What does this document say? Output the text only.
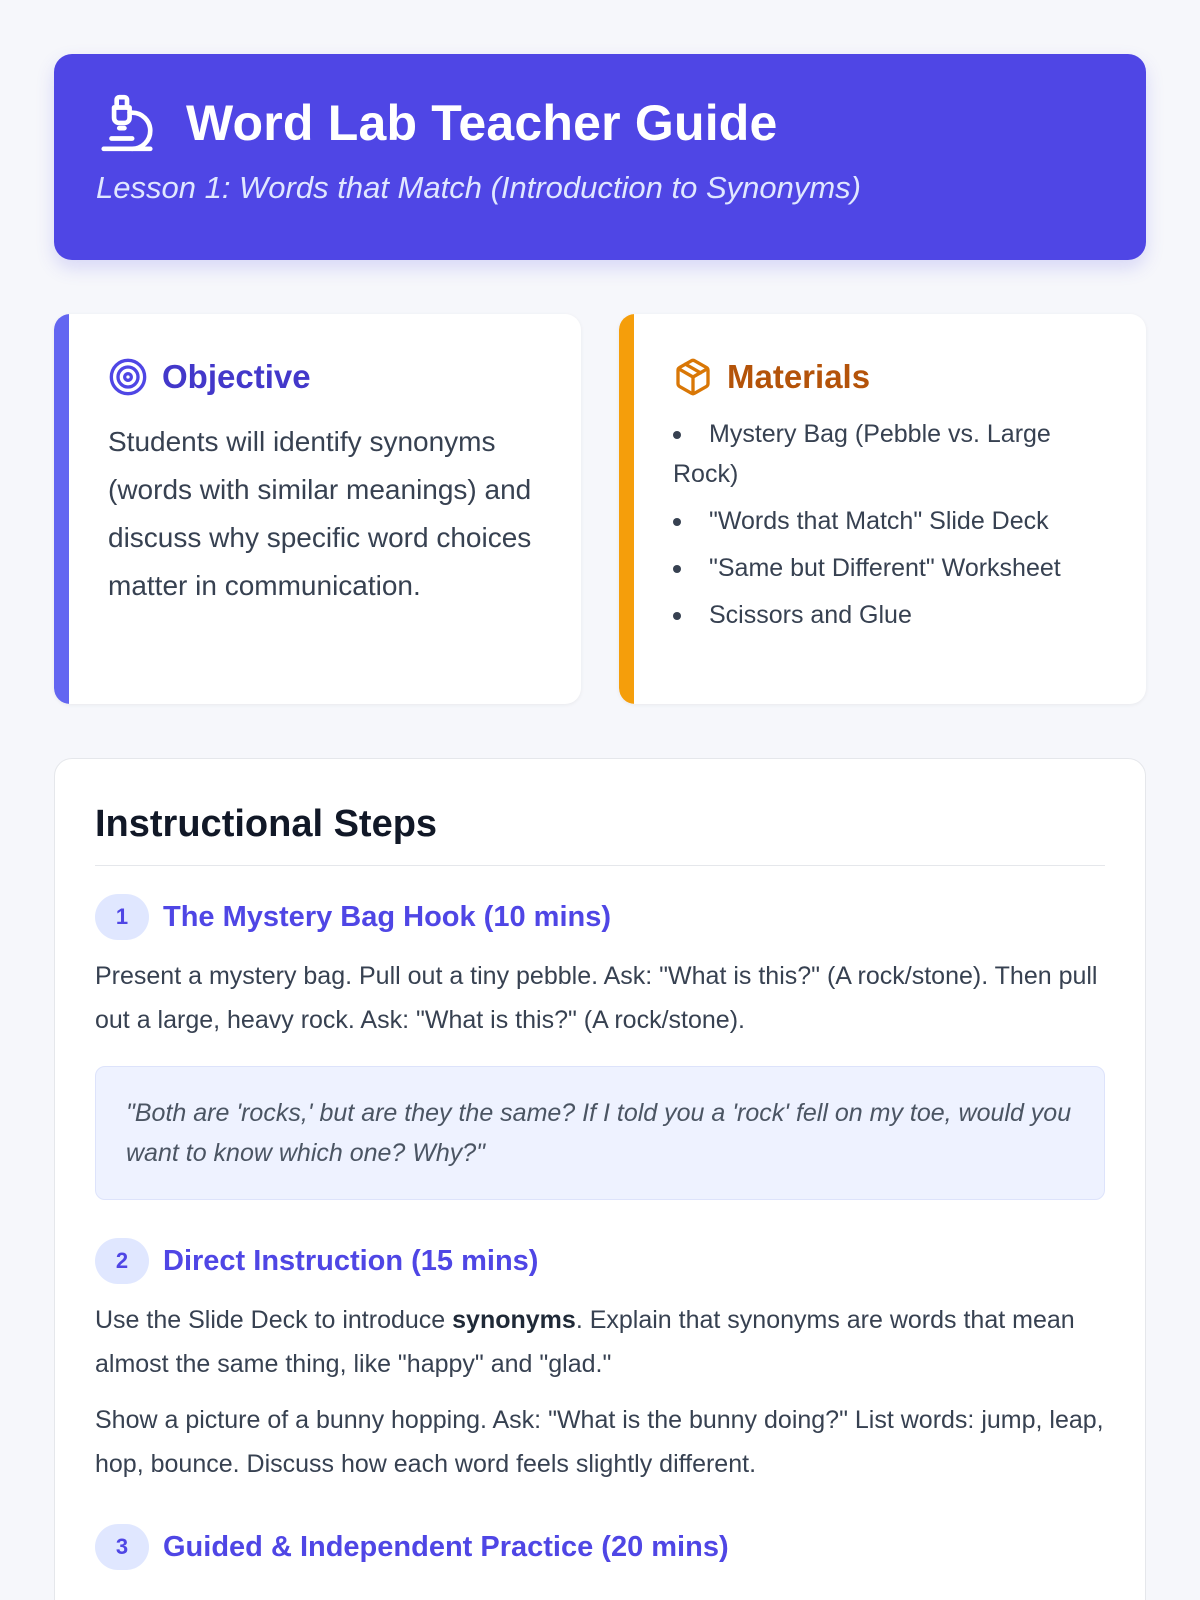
Word Lab Teacher Guide
Lesson 1: Words that Match (Introduction to Synonyms)
Objective

Students will identify synonyms (words with similar meanings) and discuss why specific word choices matter in communication.

Materials
Mystery Bag (Pebble vs. Large Rock)
"Words that Match" Slide Deck
"Same but Different" Worksheet
Scissors and Glue
Instructional Steps
1	The Mystery Bag Hook (10 mins)

Present a mystery bag. Pull out a tiny pebble. Ask: "What is this?" (A rock/stone). Then pull out a large, heavy rock. Ask: "What is this?" (A rock/stone).

"Both are 'rocks,' but are they the same? If I told you a 'rock' fell on my toe, would you want to know which one? Why?"
2	Direct Instruction (15 mins)

Use the Slide Deck to introduce synonyms. Explain that synonyms are words that mean almost the same thing, like "happy" and "glad."

Show a picture of a bunny hopping. Ask: "What is the bunny doing?" List words: jump, leap, hop, bounce. Discuss how each word feels slightly different.

3	Guided & Independent Practice (20 mins)
